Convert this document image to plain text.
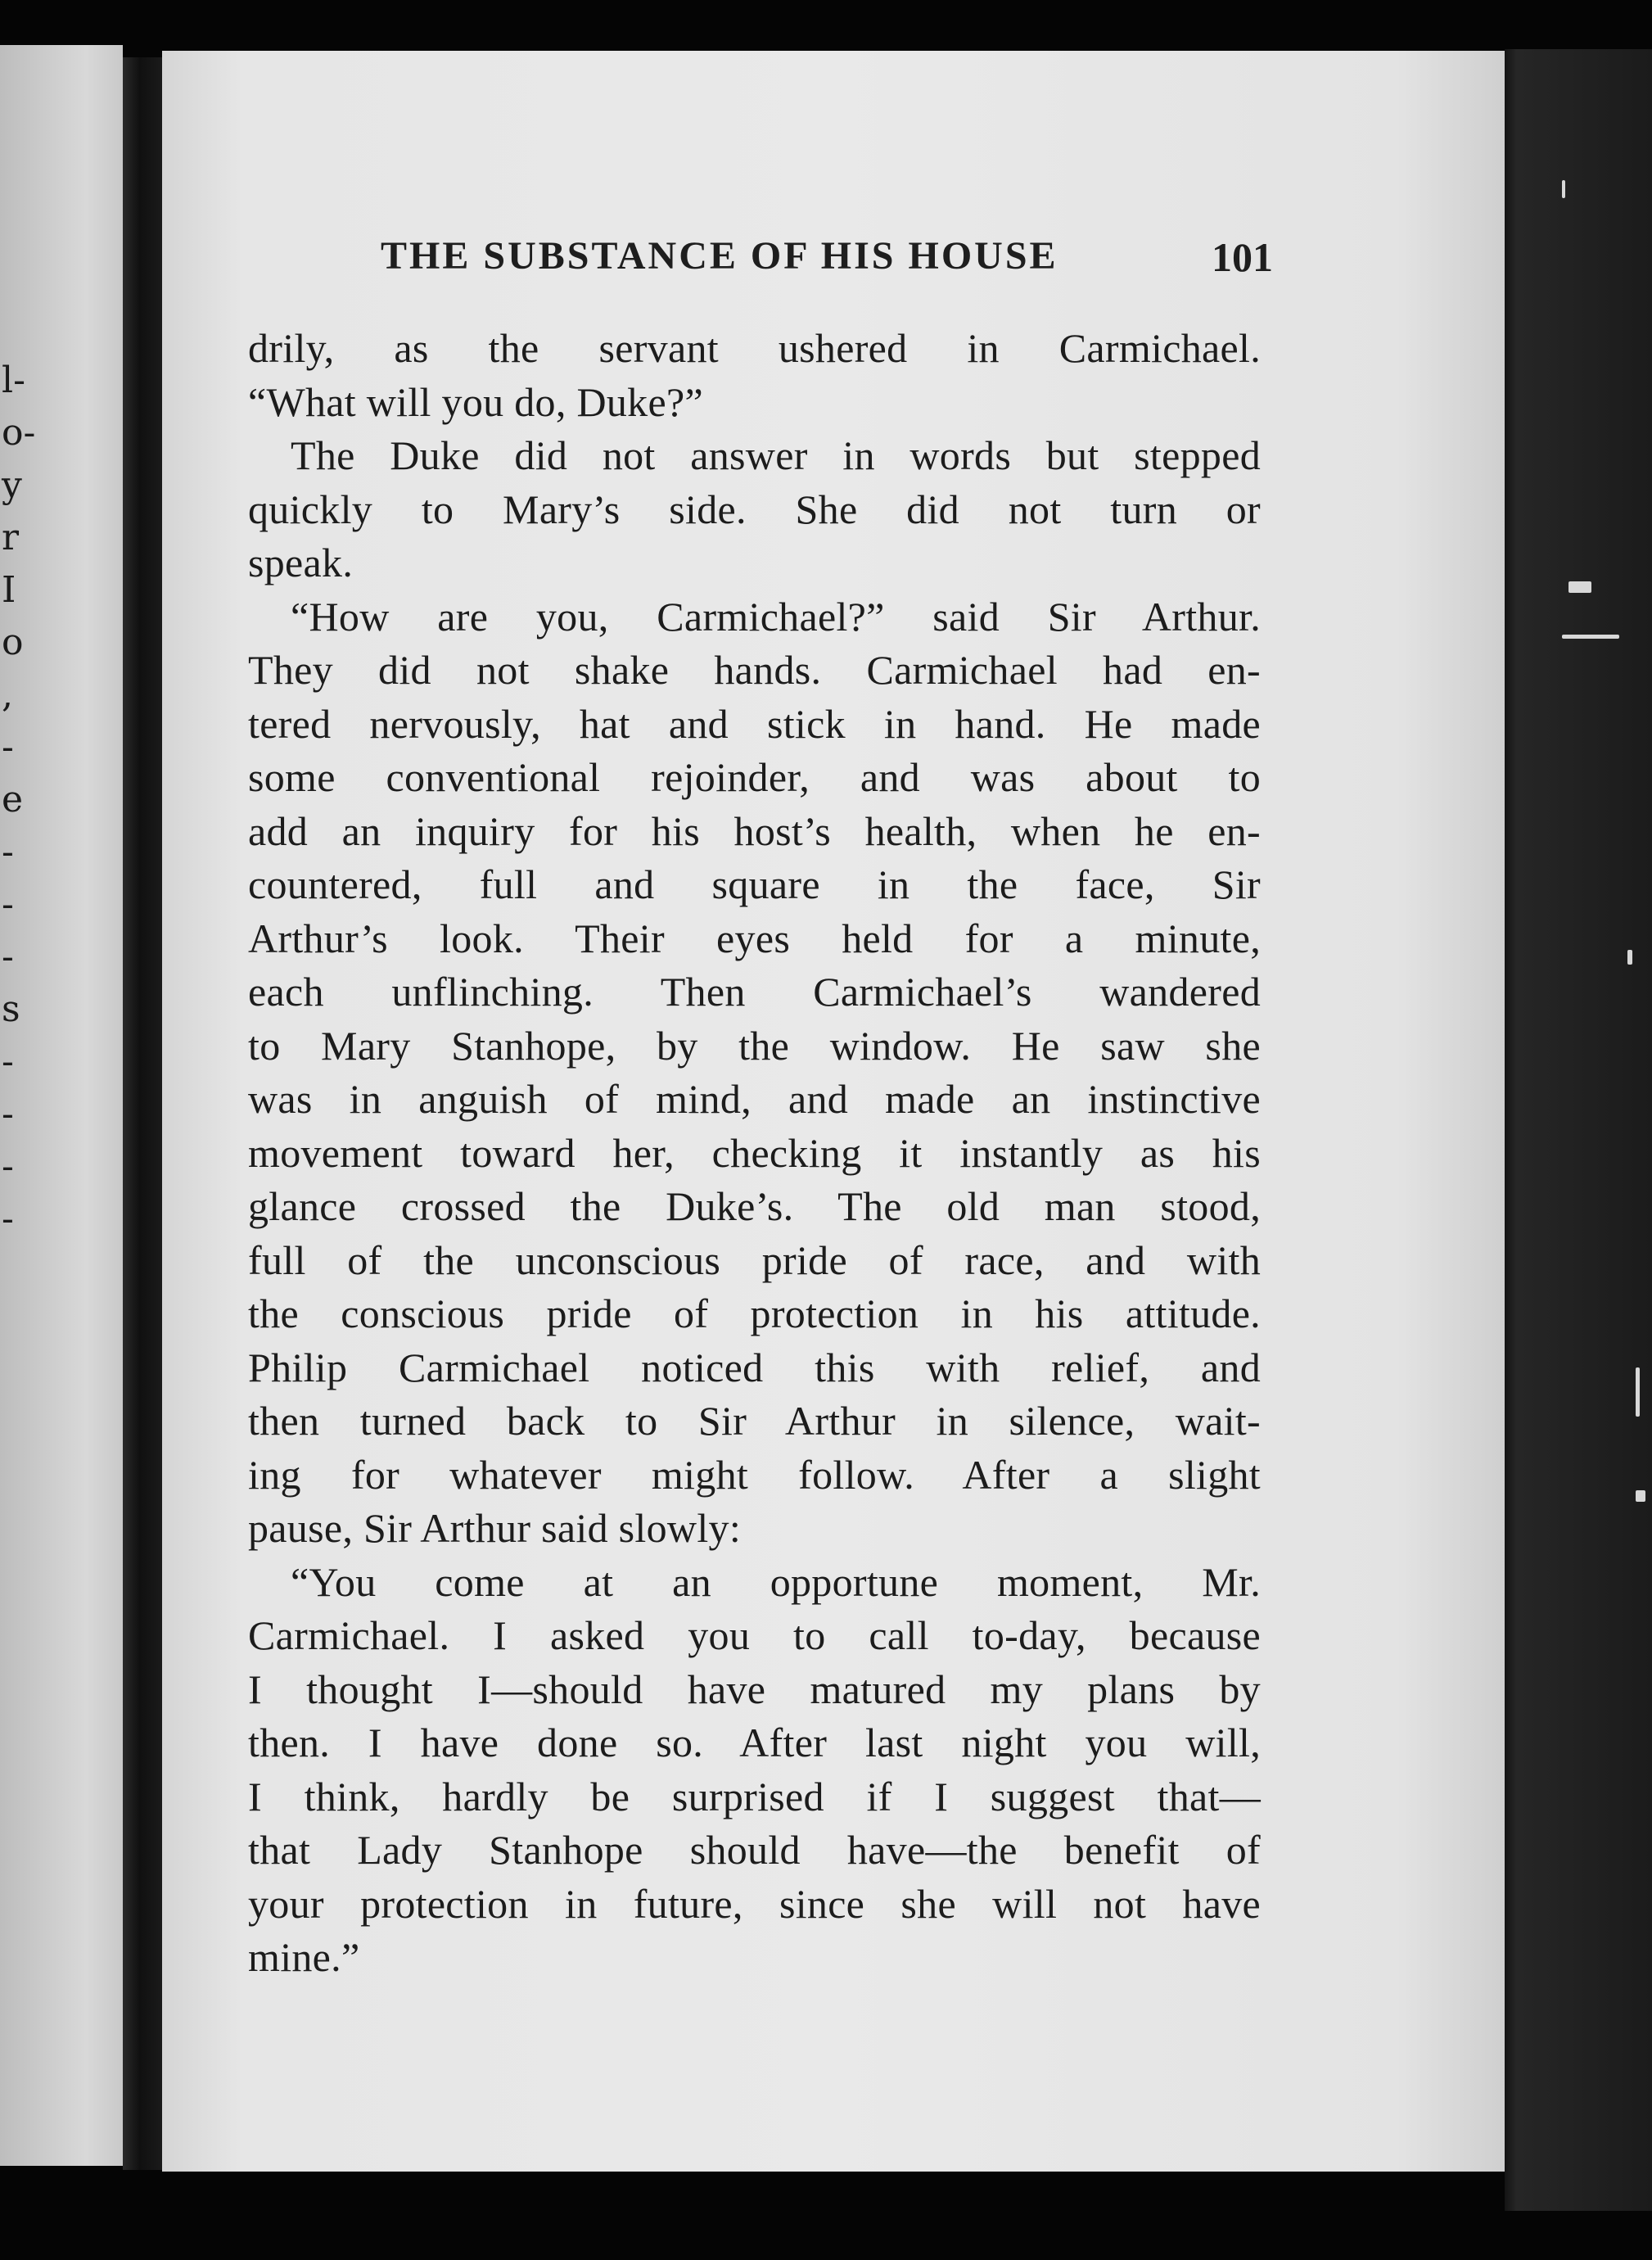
l-
o-
y
r
I
o
,
-
e
-
-
-
s
-
-
-
-
THE SUBSTANCE OF HIS HOUSE	101
drily, as the servant ushered in Carmichael.
“What will you do, Duke?”
The Duke did not answer in words but stepped
quickly to Mary’s side. She did not turn or
speak.
“How are you, Carmichael?” said Sir Arthur.
They did not shake hands. Carmichael had en-
tered nervously, hat and stick in hand. He made
some conventional rejoinder, and was about to
add an inquiry for his host’s health, when he en-
countered, full and square in the face, Sir
Arthur’s look. Their eyes held for a minute,
each unflinching. Then Carmichael’s wandered
to Mary Stanhope, by the window. He saw she
was in anguish of mind, and made an instinctive
movement toward her, checking it instantly as his
glance crossed the Duke’s. The old man stood,
full of the unconscious pride of race, and with
the conscious pride of protection in his attitude.
Philip Carmichael noticed this with relief, and
then turned back to Sir Arthur in silence, wait-
ing for whatever might follow. After a slight
pause, Sir Arthur said slowly:
“You come at an opportune moment, Mr.
Carmichael. I asked you to call to-day, because
I thought I—should have matured my plans by
then. I have done so. After last night you will,
I think, hardly be surprised if I suggest that—
that Lady Stanhope should have—the benefit of
your protection in future, since she will not have
mine.”
